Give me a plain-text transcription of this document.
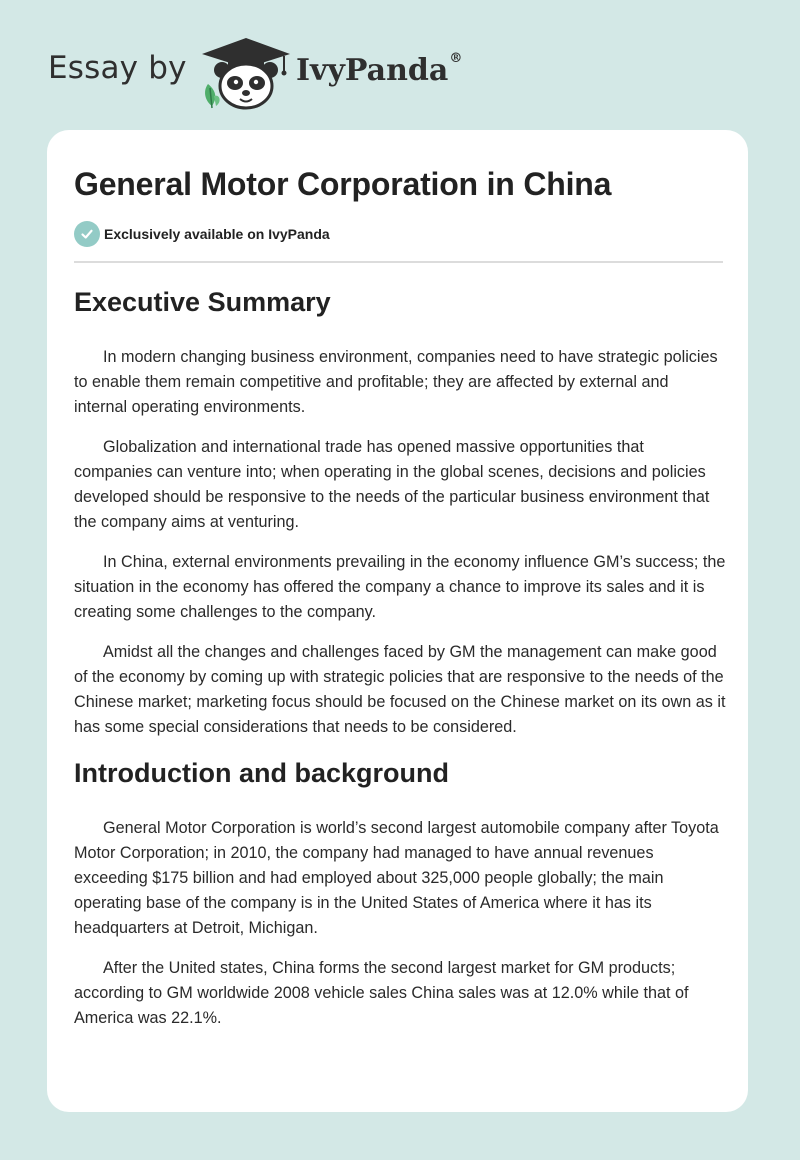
Essay by	IvyPanda®
General Motor Corporation in China
Exclusively available on IvyPanda
Executive Summary

In modern changing business environment, companies need to have strategic policies to enable them remain competitive and profitable; they are affected by external and internal operating environments.

Globalization and international trade has opened massive opportunities that companies can venture into; when operating in the global scenes, decisions and policies developed should be responsive to the needs of the particular business environment that the company aims at venturing.

In China, external environments prevailing in the economy influence GM’s success; the situation in the economy has offered the company a chance to improve its sales and it is creating some challenges to the company.

Amidst all the changes and challenges faced by GM the management can make good of the economy by coming up with strategic policies that are responsive to the needs of the Chinese market; marketing focus should be focused on the Chinese market on its own as it has some special considerations that needs to be considered.

Introduction and background

General Motor Corporation is world’s second largest automobile company after Toyota Motor Corporation; in 2010, the company had managed to have annual revenues exceeding $175 billion and had employed about 325,000 people globally; the main operating base of the company is in the United States of America where it has its headquarters at Detroit, Michigan.

After the United states, China forms the second largest market for GM products; according to GM worldwide 2008 vehicle sales China sales was at 12.0% while that of America was 22.1%.
